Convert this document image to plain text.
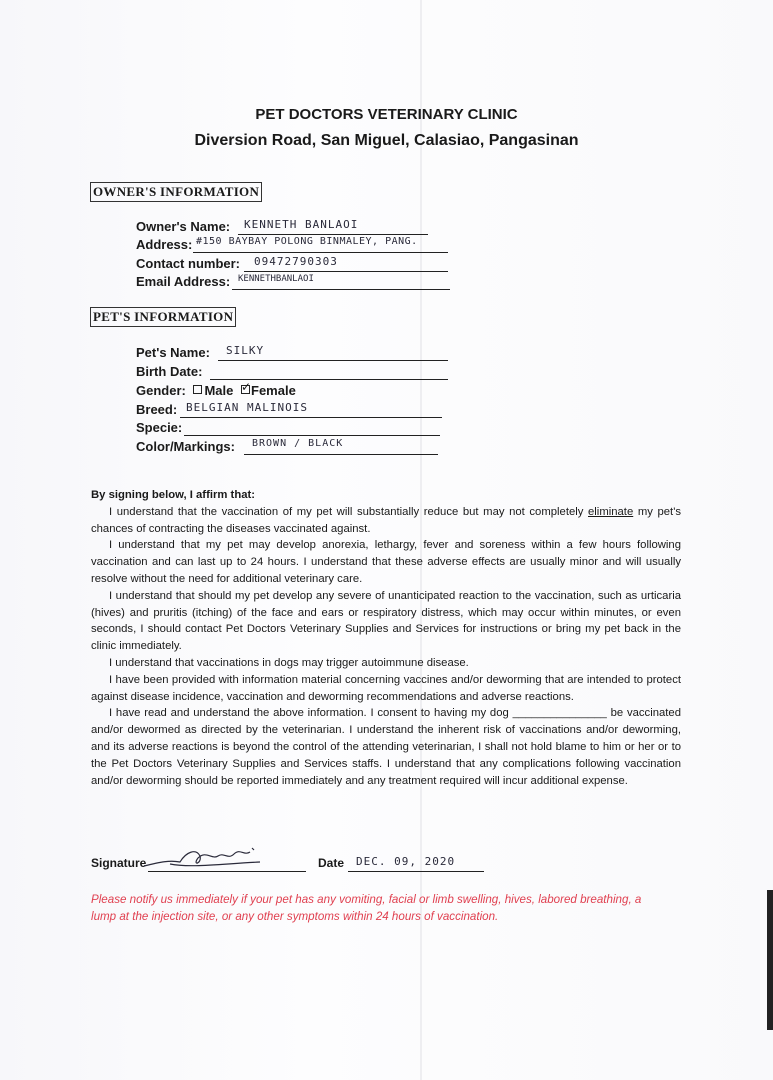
PET DOCTORS VETERINARY CLINIC
Diversion Road, San Miguel, Calasiao, Pangasinan
OWNER'S INFORMATION
Owner's Name: KENNETH BANLAOI
Address: #150 BAYBAY POLONG BINMALEY, PANG.
Contact number: 09472790303
Email Address: KENNETHBANLAOI
PET'S INFORMATION
Pet's Name: SILKY
Birth Date:
Gender: Male ✓ Female
Breed: BELGIAN MALINOIS
Specie:
Color/Markings: BROWN / BLACK

By signing below, I affirm that:

I understand that the vaccination of my pet will substantially reduce but may not completely eliminate my pet's chances of contracting the diseases vaccinated against.

I understand that my pet may develop anorexia, lethargy, fever and soreness within a few hours following vaccination and can last up to 24 hours. I understand that these adverse effects are usually minor and will usually resolve without the need for additional veterinary care.

I understand that should my pet develop any severe of unanticipated reaction to the vaccination, such as urticaria (hives) and pruritis (itching) of the face and ears or respiratory distress, which may occur within minutes, or even seconds, I should contact Pet Doctors Veterinary Supplies and Services for instructions or bring my pet back in the clinic immediately.

I understand that vaccinations in dogs may trigger autoimmune disease.

I have been provided with information material concerning vaccines and/or deworming that are intended to protect against disease incidence, vaccination and deworming recommendations and adverse reactions.

I have read and understand the above information. I consent to having my dog _______________ be vaccinated and/or dewormed as directed by the veterinarian. I understand the inherent risk of vaccinations and/or deworming, and its adverse reactions is beyond the control of the attending veterinarian, I shall not hold blame to him or her or to the Pet Doctors Veterinary Supplies and Services staffs. I understand that any complications following vaccination and/or deworming should be reported immediately and any treatment required will incur additional expense.

Signature	Date DEC. 09, 2020
Please notify us immediately if your pet has any vomiting, facial or limb swelling, hives, labored breathing, a lump at the injection site, or any other symptoms within 24 hours of vaccination.
